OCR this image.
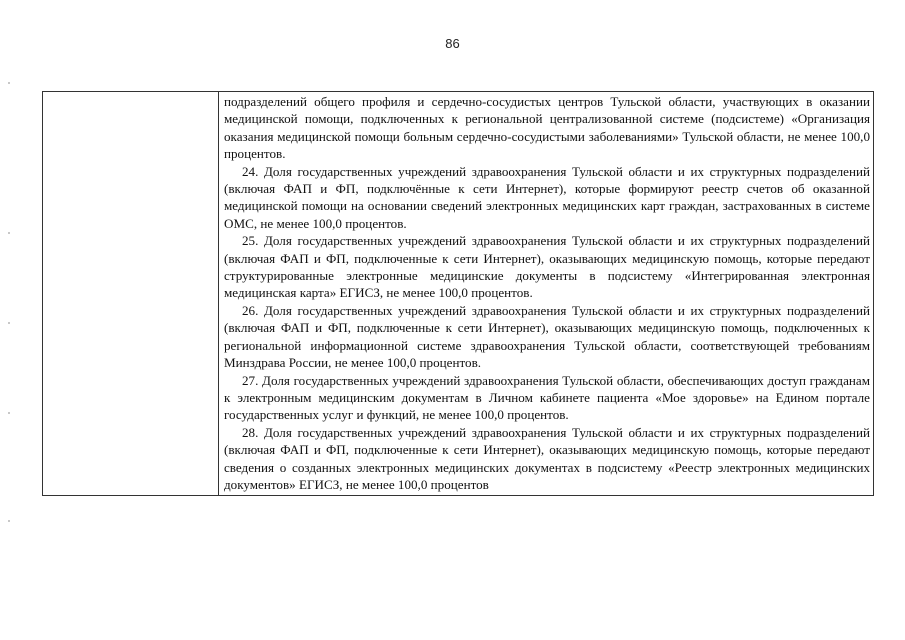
86

подразделений общего профиля и сердечно-сосудистых центров Тульской области, участвующих в оказании медицинской помощи, подключенных к региональной централизованной системе (подсистеме) «Организация оказания медицинской помощи больным сердечно-сосудистыми заболеваниями» Тульской области, не менее 100,0 процентов.

24. Доля государственных учреждений здравоохранения Тульской области и их структурных подразделений (включая ФАП и ФП, подключённые к сети Интернет), которые формируют реестр счетов об оказанной медицинской помощи на основании сведений электронных медицинских карт граждан, застрахованных в системе ОМС, не менее 100,0 процентов.

25. Доля государственных учреждений здравоохранения Тульской области и их структурных подразделений (включая ФАП и ФП, подключенные к сети Интернет), оказывающих медицинскую помощь, которые передают структурированные электронные медицинские документы в подсистему «Интегрированная электронная медицинская карта» ЕГИСЗ, не менее 100,0 процентов.

26. Доля государственных учреждений здравоохранения Тульской области и их структурных подразделений (включая ФАП и ФП, подключенные к сети Интернет), оказывающих медицинскую помощь, подключенных к региональной информационной системе здравоохранения Тульской области, соответствующей требованиям Минздрава России, не менее 100,0 процентов.

27. Доля государственных учреждений здравоохранения Тульской области, обеспечивающих доступ гражданам к электронным медицинским документам в Личном кабинете пациента «Мое здоровье» на Едином портале государственных услуг и функций, не менее 100,0 процентов.

28. Доля государственных учреждений здравоохранения Тульской области и их структурных подразделений (включая ФАП и ФП, подключенные к сети Интернет), оказывающих медицинскую помощь, которые передают сведения о созданных электронных медицинских документах в подсистему «Реестр электронных медицинских документов» ЕГИСЗ, не менее 100,0 процентов
